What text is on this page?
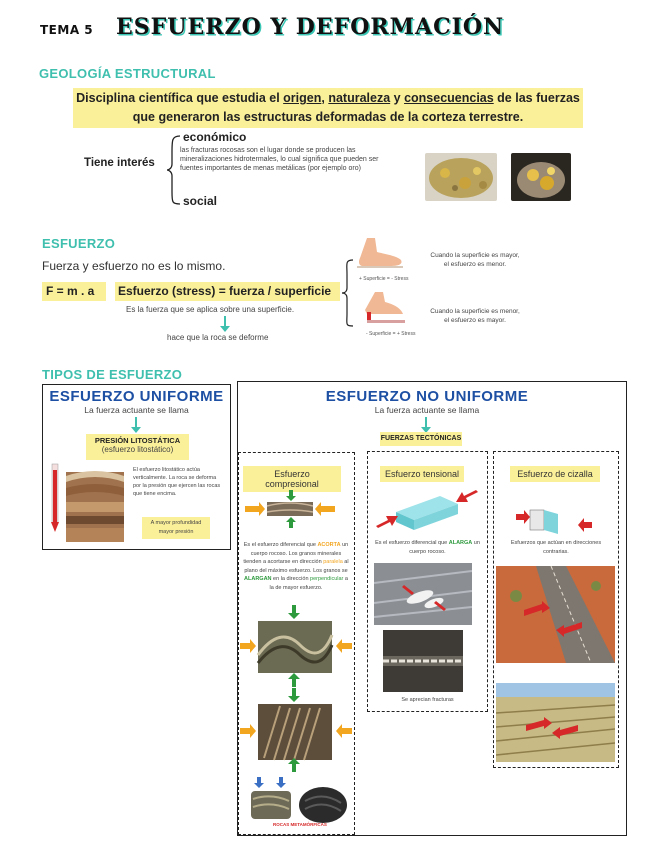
TEMA 5 ESFUERZO Y DEFORMACIÓN
GEOLOGÍA ESTRUCTURAL
Disciplina científica que estudia el origen, naturaleza y consecuencias de las fuerzas
que generaron las estructuras deformadas de la corteza terrestre.
Tiene interés
económico
las fracturas rocosas son el lugar donde se producen las mineralizaciones hidrotermales, lo cual significa que pueden ser fuentes importantes de menas metálicas (por ejemplo oro)
social
ESFUERZO
Fuerza y esfuerzo no es lo mismo.
F = m . a	Esfuerzo (stress) = fuerza / superficie
Es la fuerza que se aplica sobre una superficie.
hace que la roca se deforme
+ Superficie = - Stress
- Superficie = + Stress
Cuando la superficie es mayor,
el esfuerzo es menor.
Cuando la superficie es menor,
el esfuerzo es mayor.
TIPOS DE ESFUERZO
ESFUERZO UNIFORME
La fuerza actuante se llama
PRESIÓN LITOSTÁTICA
(esfuerzo litostático)
El esfuerzo litostático actúa verticalmente. La roca se deforma por la presión que ejercen las rocas que tiene encima.
A mayor profundidad
mayor presión
ESFUERZO NO UNIFORME
La fuerza actuante se llama
FUERZAS TECTÓNICAS
Esfuerzo compresional
Es el esfuerzo diferencial que ACORTA un cuerpo rocoso. Los granos minerales tienden a acortarse en dirección paralela al plano del máximo esfuerzo. Los granos se ALARGAN en la dirección perpendicular a la de mayor esfuerzo.
ROCAS METAMÓRFICAS
Esfuerzo tensional
Es el esfuerzo diferencial que ALARGA un cuerpo rocoso.
Se aprecian fracturas
Esfuerzo de cizalla
Esfuerzos que actúan en direcciones contrarias.
